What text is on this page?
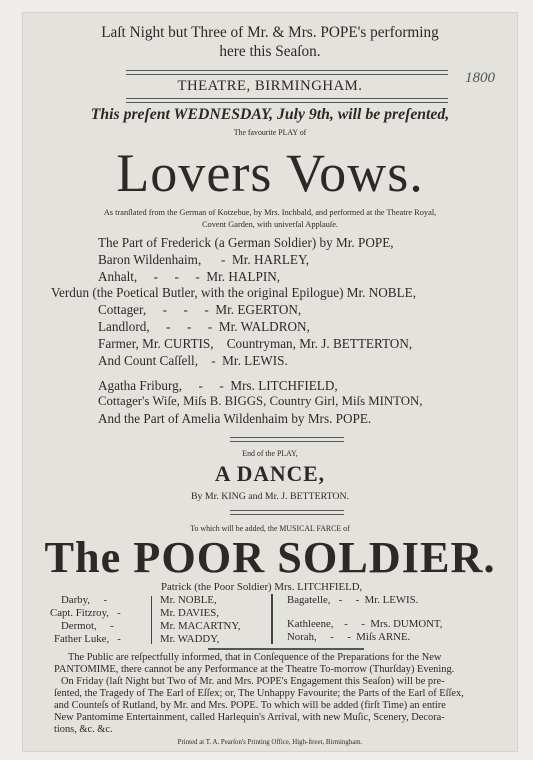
Laſt Night but Three of Mr. & Mrs. POPE's performing
here this Seaſon.
THEATRE, BIRMINGHAM.	1800
This preſent WEDNESDAY, July 9th, will be preſented,
The favourite PLAY of
Lovers Vows.
As tranſlated from the German of Kotzebue, by Mrs. Inchbald, and performed at the Theatre Royal,
Covent Garden, with univerſal Applauſe.
The Part of Frederick (a German Soldier) by Mr. POPE,
Baron Wildenhaim,      -  Mr. HARLEY,
Anhalt,     -     -     -  Mr. HALPIN,
Verdun (the Poetical Butler, with the original Epilogue) Mr. NOBLE,
Cottager,     -     -     -  Mr. EGERTON,
Landlord,     -     -     -  Mr. WALDRON,
Farmer, Mr. CURTIS,    Countryman, Mr. J. BETTERTON,
And Count Caſſell,    -  Mr. LEWIS.
Agatha Friburg,     -     -  Mrs. LITCHFIELD,
Cottager's Wiſe, Miſs B. BIGGS, Country Girl, Miſs MINTON,
And the Part of Amelia Wildenhaim by Mrs. POPE.
End of the PLAY,
A DANCE,
By Mr. KING and Mr. J. BETTERTON.
To which will be added, the MUSICAL FARCE of
The POOR SOLDIER.
Patrick (the Poor Soldier) Mrs. LITCHFIELD,
Darby,     -
Capt. Fitzroy,   -
Dermot,     -
Father Luke,   -
Mr. NOBLE,
Mr. DAVIES,
Mr. MACARTNY,
Mr. WADDY,
Bagatelle,   -     -  Mr. LEWIS.
Kathleene,    -     -  Mrs. DUMONT,
Norah,     -     -  Miſs ARNE.
The Public are reſpectfully informed, that in Conſequence of the Preparations for the New
PANTOMIME, there cannot be any Performance at the Theatre To-morrow (Thurſday) Evening.
On Friday (laſt Night but Two of Mr. and Mrs. POPE's Engagement this Seaſon) will be pre-
ſented, the Tragedy of The Earl of Eſſex; or, The Unhappy Favourite; the Parts of the Earl of Eſſex,
and Counteſs of Rutland, by Mr. and Mrs. POPE. To which will be added (firſt Time) an entire
New Pantomime Entertainment, called Harlequin's Arrival, with new Muſic, Scenery, Decora-
tions, &c. &c.
Printed at T. A. Pearſon's Printing Office, High-ſtreet, Birmingham.
